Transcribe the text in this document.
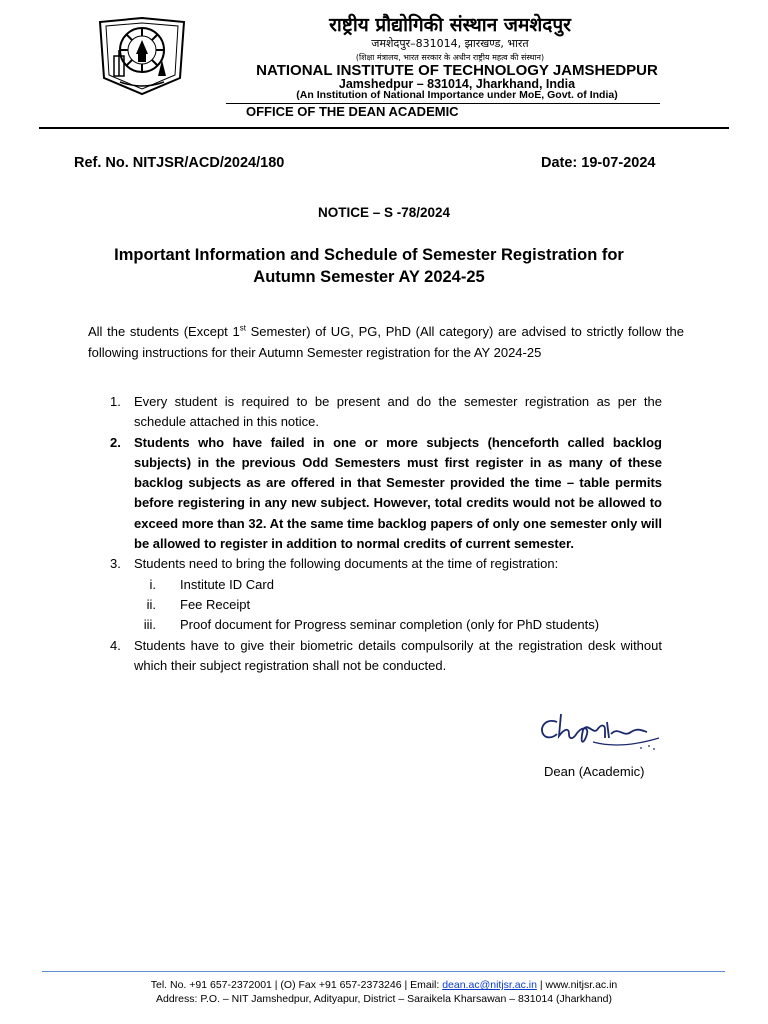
राष्ट्रीय प्रौद्योगिकी संस्थान जमशेदपुर
जमशेदपुर–831014, झारखण्ड, भारत
(शिक्षा मंत्रालय, भारत सरकार के अधीन राष्ट्रीय महत्व की संस्थान)
NATIONAL INSTITUTE OF TECHNOLOGY JAMSHEDPUR
Jamshedpur – 831014, Jharkhand, India
(An Institution of National Importance under MoE, Govt. of India)
OFFICE OF THE DEAN ACADEMIC
Ref. No. NITJSR/ACD/2024/180	Date: 19-07-2024
NOTICE – S -78/2024
Important Information and Schedule of Semester Registration for
Autumn Semester AY 2024-25
All the students (Except 1st Semester) of UG, PG, PhD (All category) are advised to strictly follow the following instructions for their Autumn Semester registration for the AY 2024-25
1. Every student is required to be present and do the semester registration as per the schedule attached in this notice.
2. Students who have failed in one or more subjects (henceforth called backlog subjects) in the previous Odd Semesters must first register in as many of these backlog subjects as are offered in that Semester provided the time – table permits before registering in any new subject. However, total credits would not be allowed to exceed more than 32. At the same time backlog papers of only one semester only will be allowed to register in addition to normal credits of current semester.
3. Students need to bring the following documents at the time of registration:
i. Institute ID Card
ii. Fee Receipt
iii. Proof document for Progress seminar completion (only for PhD students)
4. Students have to give their biometric details compulsorily at the registration desk without which their subject registration shall not be conducted.
Dean (Academic)
Tel. No. +91 657-2372001 | (O) Fax +91 657-2373246 | Email: dean.ac@nitjsr.ac.in | www.nitjsr.ac.in
Address: P.O. – NIT Jamshedpur, Adityapur, District – Saraikela Kharsawan – 831014 (Jharkhand)
